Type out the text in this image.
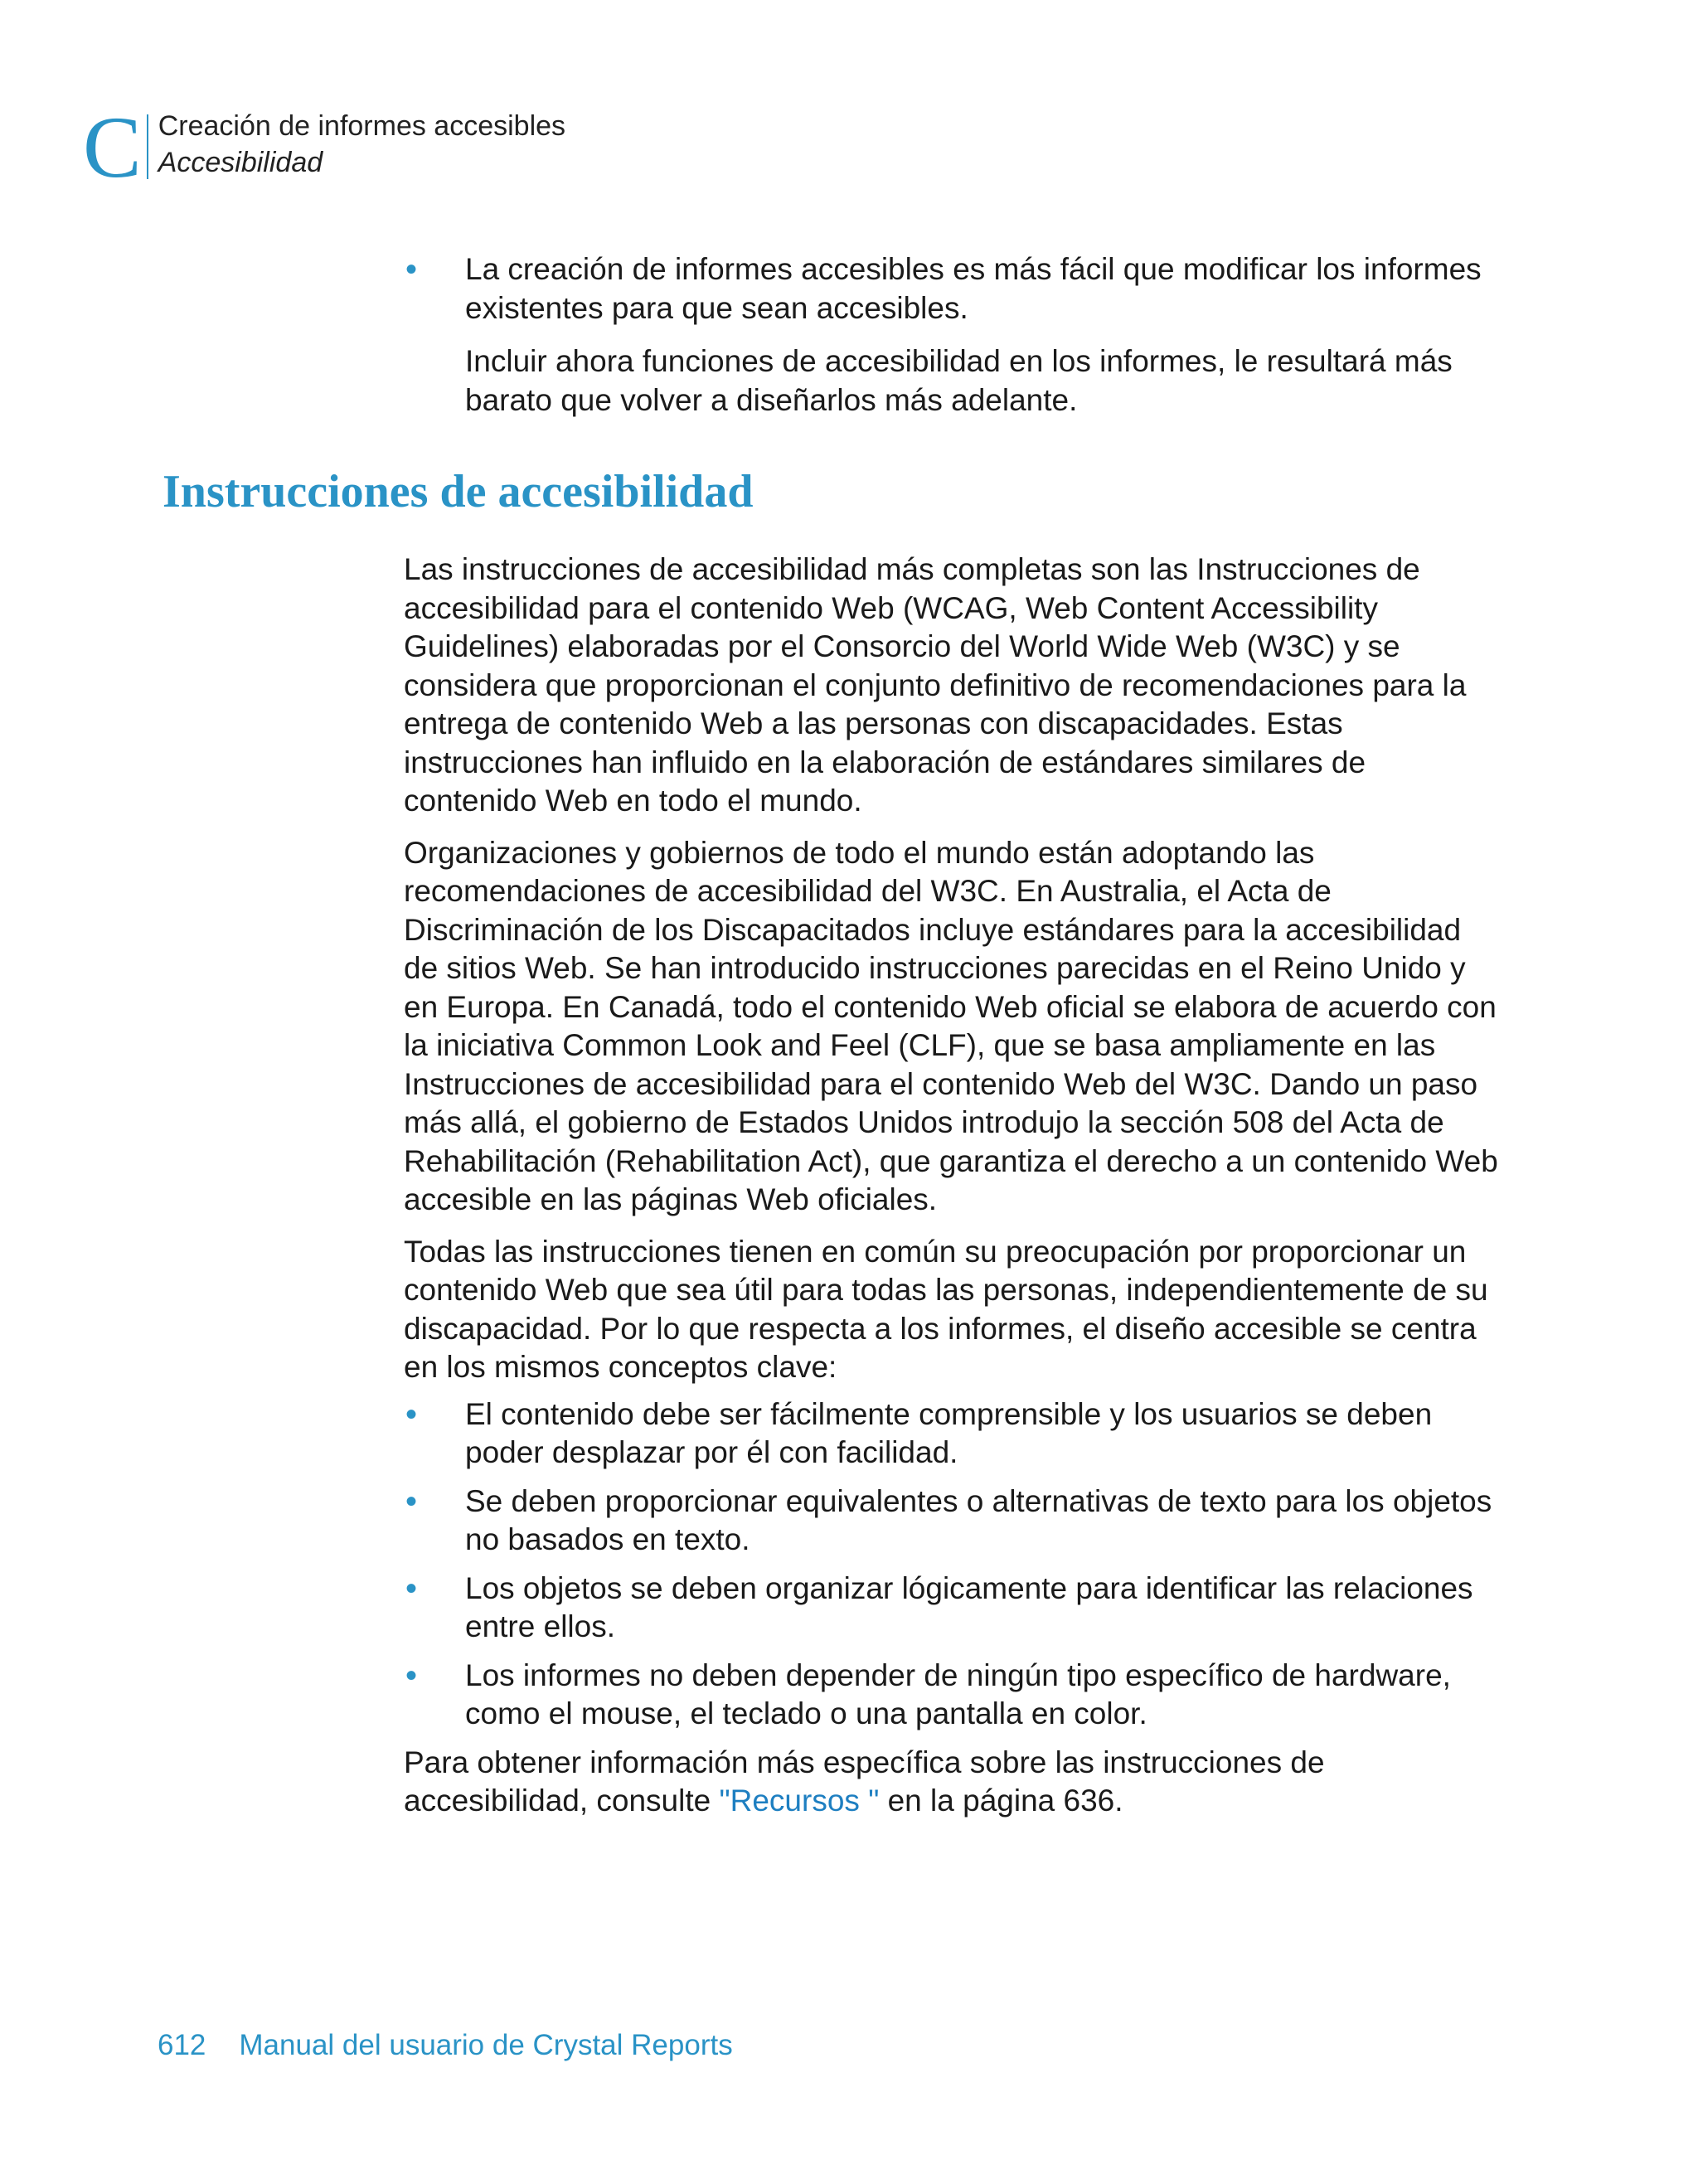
C Creación de informes accesibles
Accesibilidad
• La creación de informes accesibles es más fácil que modificar los informes existentes para que sean accesibles.

Incluir ahora funciones de accesibilidad en los informes, le resultará más barato que volver a diseñarlos más adelante.

Instrucciones de accesibilidad

Las instrucciones de accesibilidad más completas son las Instrucciones de accesibilidad para el contenido Web (WCAG, Web Content Accessibility Guidelines) elaboradas por el Consorcio del World Wide Web (W3C) y se considera que proporcionan el conjunto definitivo de recomendaciones para la entrega de contenido Web a las personas con discapacidades. Estas instrucciones han influido en la elaboración de estándares similares de contenido Web en todo el mundo.

Organizaciones y gobiernos de todo el mundo están adoptando las recomendaciones de accesibilidad del W3C. En Australia, el Acta de Discriminación de los Discapacitados incluye estándares para la accesibilidad de sitios Web. Se han introducido instrucciones parecidas en el Reino Unido y en Europa. En Canadá, todo el contenido Web oficial se elabora de acuerdo con la iniciativa Common Look and Feel (CLF), que se basa ampliamente en las Instrucciones de accesibilidad para el contenido Web del W3C. Dando un paso más allá, el gobierno de Estados Unidos introdujo la sección 508 del Acta de Rehabilitación (Rehabilitation Act), que garantiza el derecho a un contenido Web accesible en las páginas Web oficiales.

Todas las instrucciones tienen en común su preocupación por proporcionar un contenido Web que sea útil para todas las personas, independientemente de su discapacidad. Por lo que respecta a los informes, el diseño accesible se centra en los mismos conceptos clave:

• El contenido debe ser fácilmente comprensible y los usuarios se deben poder desplazar por él con facilidad.

• Se deben proporcionar equivalentes o alternativas de texto para los objetos no basados en texto.

• Los objetos se deben organizar lógicamente para identificar las relaciones entre ellos.

• Los informes no deben depender de ningún tipo específico de hardware, como el mouse, el teclado o una pantalla en color.

Para obtener información más específica sobre las instrucciones de accesibilidad, consulte "Recursos " en la página 636.

612 Manual del usuario de Crystal Reports
